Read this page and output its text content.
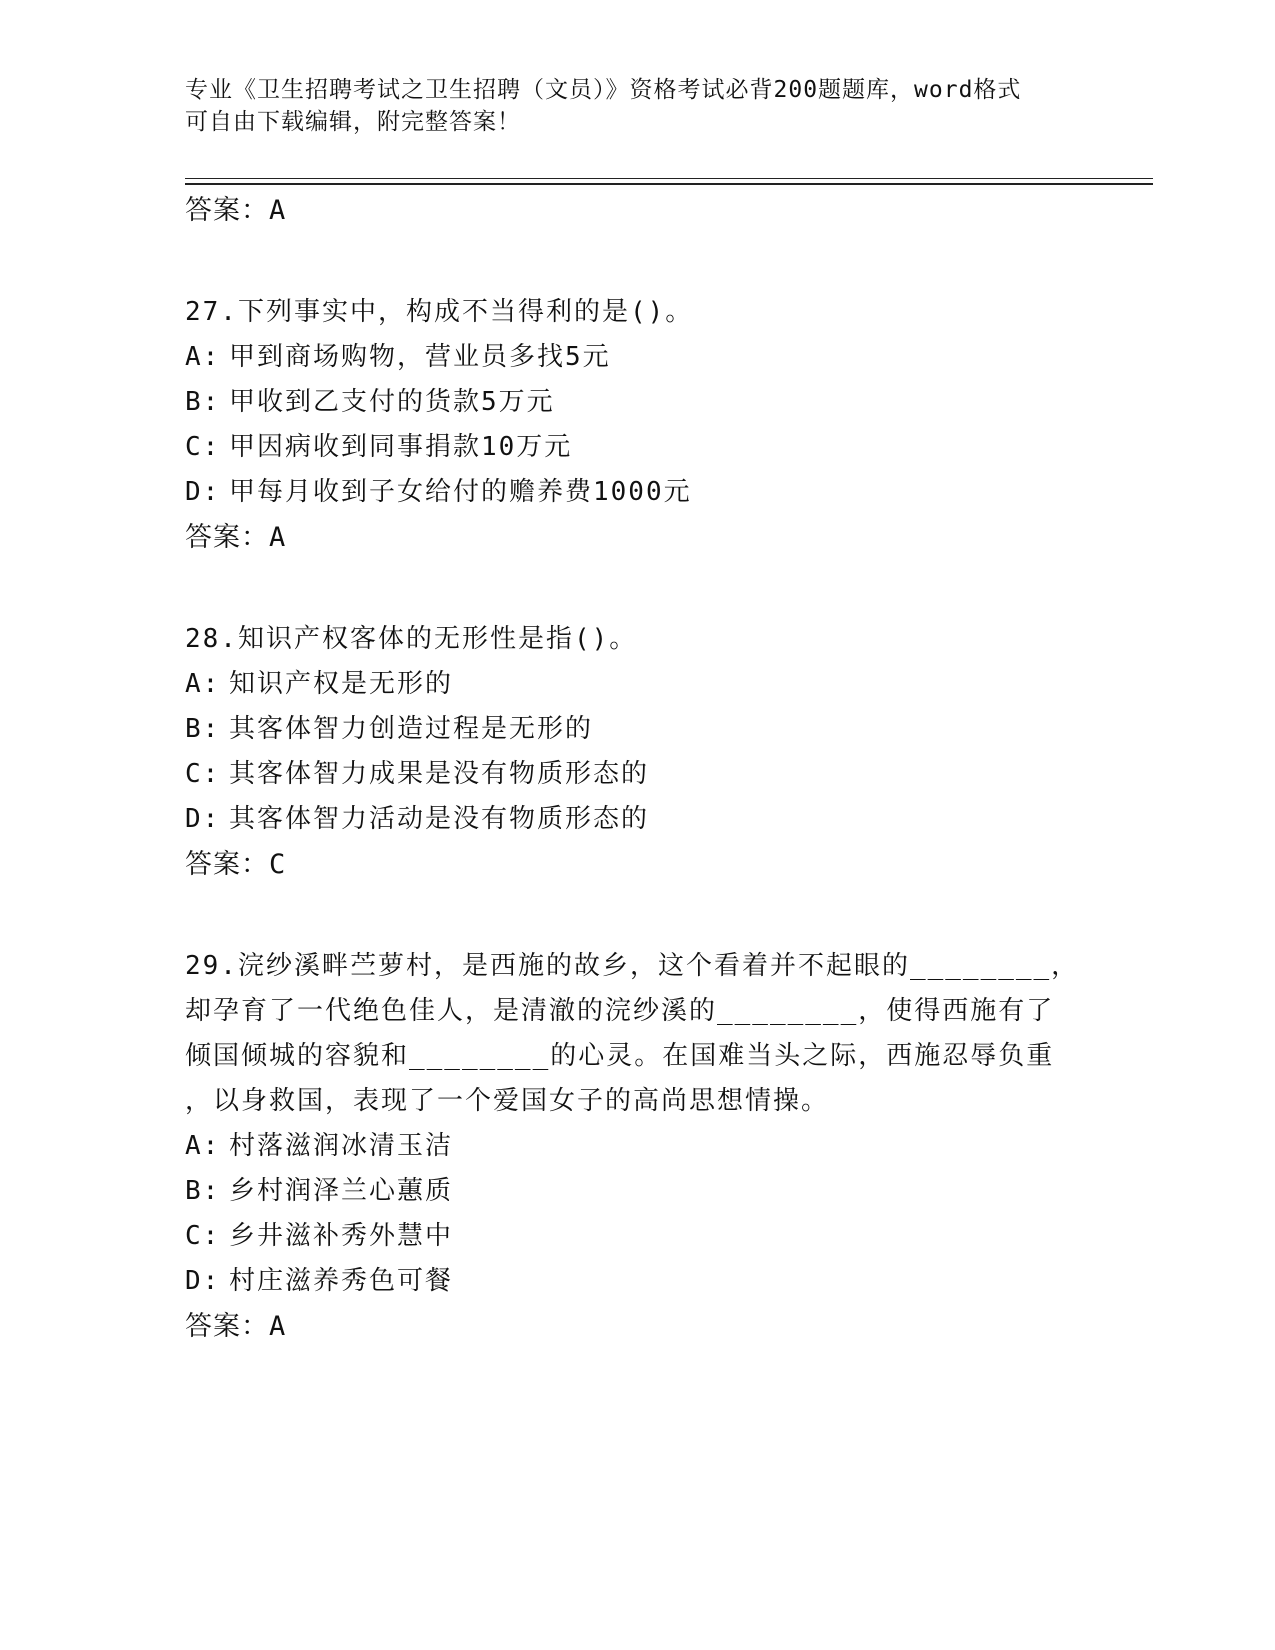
专业《卫生招聘考试之卫生招聘（文员）》资格考试必背200题题库，word格式
可自由下载编辑，附完整答案！
答案：A
27.下列事实中，构成不当得利的是()。
A: 甲到商场购物，营业员多找5元
B: 甲收到乙支付的货款5万元
C: 甲因病收到同事捐款10万元
D: 甲每月收到子女给付的赡养费1000元
答案：A
28.知识产权客体的无形性是指()。
A: 知识产权是无形的
B: 其客体智力创造过程是无形的
C: 其客体智力成果是没有物质形态的
D: 其客体智力活动是没有物质形态的
答案：C
29.浣纱溪畔苎萝村，是西施的故乡，这个看着并不起眼的________，
却孕育了一代绝色佳人，是清澈的浣纱溪的________，使得西施有了
倾国倾城的容貌和________的心灵。在国难当头之际，西施忍辱负重
，以身救国，表现了一个爱国女子的高尚思想情操。
A: 村落滋润冰清玉洁
B: 乡村润泽兰心蕙质
C: 乡井滋补秀外慧中
D: 村庄滋养秀色可餐
答案：A
